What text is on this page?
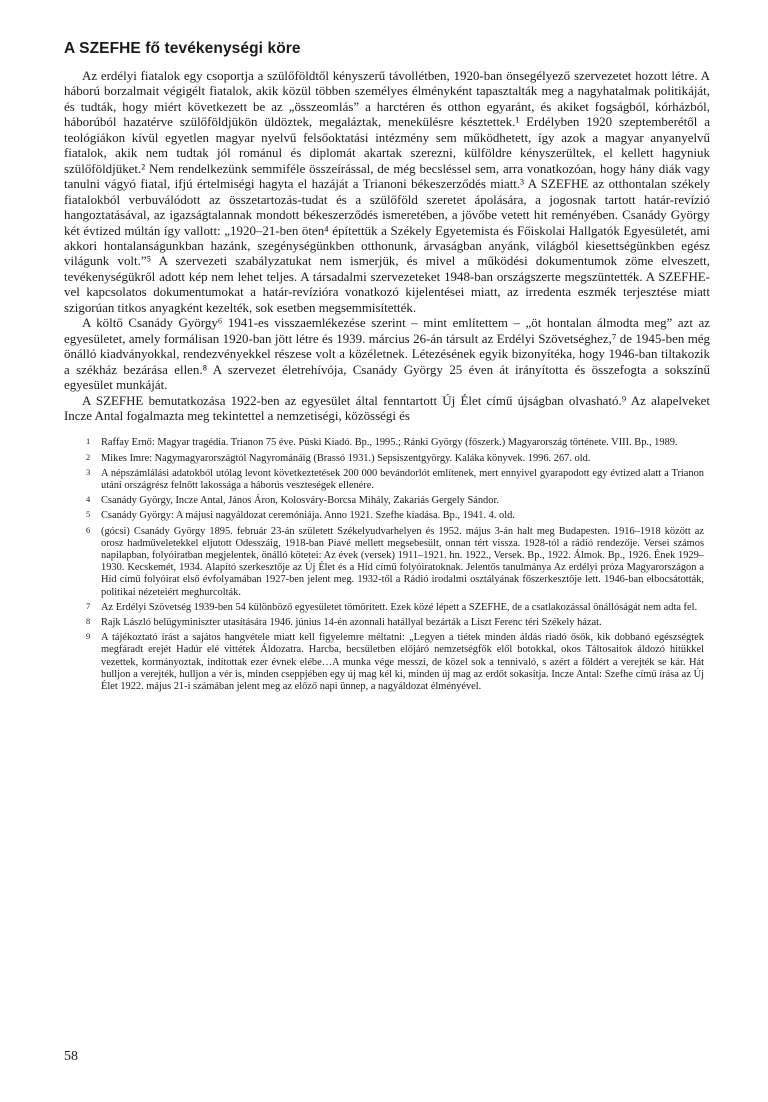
A SZEFHE fő tevékenységi köre

Az erdélyi fiatalok egy csoportja a szülőföldtől kényszerű távollétben, 1920-ban önsegélyező szervezetet hozott létre. A háború borzalmait végigélt fiatalok, akik közül többen személyes élményként tapasztalták meg a nagyhatalmak politikáját, és tudták, hogy miért következett be az „összeomlás” a harctéren és otthon egyaránt, és akiket fogságból, kórházból, háborúból hazatérve szülőföldjükön üldöztek, megaláztak, menekülésre késztettek.¹ Erdélyben 1920 szeptemberétől a teológiákon kívül egyetlen magyar nyelvű felsőoktatási intézmény sem működhetett, így azok a magyar anyanyelvű fiatalok, akik nem tudtak jól románul és diplomát akartak szerezni, külföldre kényszerültek, el kellett hagyniuk szülőföldjüket.² Nem rendelkezünk semmiféle összeírással, de még becsléssel sem, arra vonatkozóan, hogy hány diák vagy tanulni vágyó fiatal, ifjú értelmiségi hagyta el hazáját a Trianoni békeszerződés miatt.³ A SZEFHE az otthontalan székely fiatalokból verbuválódott az összetartozás-tudat és a szülőföld szeretet ápolására, a jogosnak tartott határ-revízió hangoztatásával, az igazságtalannak mondott békeszerződés ismeretében, a jövőbe vetett hit reményében. Csanády György két évtized múltán így vallott: „1920–21-ben öten⁴ építettük a Székely Egyetemista és Főiskolai Hallgatók Egyesületét, ami akkori hontalanságunkban hazánk, szegénységünkben otthonunk, árvaságban anyánk, világból kiesettségünkben egész világunk volt.”⁵ A szervezeti szabályzatukat nem ismerjük, és mivel a működési dokumentumok zöme elveszett, tevékenységükről adott kép nem lehet teljes. A társadalmi szervezeteket 1948-ban országszerte megszüntették. A SZEFHE-vel kapcsolatos dokumentumokat a határ-revízióra vonatkozó kijelentései miatt, az irredenta eszmék terjesztése miatt szigorúan titkos anyagként kezelték, sok esetben megsemmisítették.

A költő Csanády György⁶ 1941-es visszaemlékezése szerint – mint említettem – „öt hontalan álmodta meg” azt az egyesületet, amely formálisan 1920-ban jött létre és 1939. március 26-án társult az Erdélyi Szövetséghez,⁷ de 1945-ben még önálló kiadványokkal, rendezvényekkel részese volt a közéletnek. Létezésének egyik bizonyítéka, hogy 1946-ban tiltakozik a székház bezárása ellen.⁸ A szervezet életrehívója, Csanády György 25 éven át irányította és összefogta a sokszínű egyesület munkáját.

A SZEFHE bemutatkozása 1922-ben az egyesület által fenntartott Új Élet című újságban olvasható.⁹ Az alapelveket Incze Antal fogalmazta meg tekintettel a nemzetiségi, közösségi és

1 Raffay Ernő: Magyar tragédia. Trianon 75 éve. Püski Kiadó. Bp., 1995.; Ránki György (főszerk.) Magyarország története. VIII. Bp., 1989.
2 Mikes Imre: Nagymagyarországtól Nagyrománáig (Brassó 1931.) Sepsiszentgyörgy. Kaláka könyvek. 1996. 267. old.
3 A népszámlálási adatokból utólag levont következtetések 200 000 bevándorlót említenek, mert ennyivel gyarapodott egy évtized alatt a Trianon utáni országrész felnőtt lakossága a háborús veszteségek ellenére.
4 Csanády György, Incze Antal, János Áron, Kolosváry-Borcsa Mihály, Zakariás Gergely Sándor.
5 Csanády György: A májusi nagyáldozat ceremóniája. Anno 1921. Szefhe kiadása. Bp., 1941. 4. old.
6 (gócsi) Csanády György 1895. február 23-án született Székelyudvarhelyen és 1952. május 3-án halt meg Budapesten. 1916–1918 között az orosz hadműveletekkel eljutott Odesszáig, 1918-ban Piavé mellett megsebesült, onnan tért vissza. 1928-tól a rádió rendezője. Versei számos napilapban, folyóiratban megjelentek, önálló kötetei: Az évek (versek) 1911–1921. hn. 1922., Versek. Bp., 1922. Álmok. Bp., 1926. Ének 1929–1930. Kecskemét, 1934. Alapító szerkesztője az Új Élet és a Híd című folyóiratoknak. Jelentős tanulmánya Az erdélyi próza Magyarországon a Híd című folyóirat első évfolyamában 1927-ben jelent meg. 1932-től a Rádió irodalmi osztályának főszerkesztője lett. 1946-ban elbocsátották, politikai nézeteiért meghurcolták.
7 Az Erdélyi Szövetség 1939-ben 54 különböző egyesületet tömörített. Ezek közé lépett a SZEFHE, de a csatlakozással önállóságát nem adta fel.
8 Rajk László belügyminiszter utasítására 1946. június 14-én azonnali hatállyal bezárták a Liszt Ferenc téri Székely házat.
9 A tájékoztató írást a sajátos hangvétele miatt kell figyelemre méltatni: „Legyen a tiétek minden áldás riadó ősök, kik dobbanó egészségtek megfáradt erejét Hadúr elé vittétek Áldozatra. Harcba, becsületben előjáró nemzetségfők elől botokkal, okos Táltosaitok áldozó hitükkel vezettek, kormányoztak, indítottak ezer évnek elébe…A munka vége messzi, de közel sok a tennivaló, s azért a földért a verejték se kár. Hát hulljon a verejték, hulljon a vér is, minden cseppjében egy új mag kél ki, minden új mag az erdőt sokasítja. Incze Antal: Szefhe című írása az Új Élet 1922. május 21-i számában jelent meg az előző napi ünnep, a nagyáldozat élményével.
58
